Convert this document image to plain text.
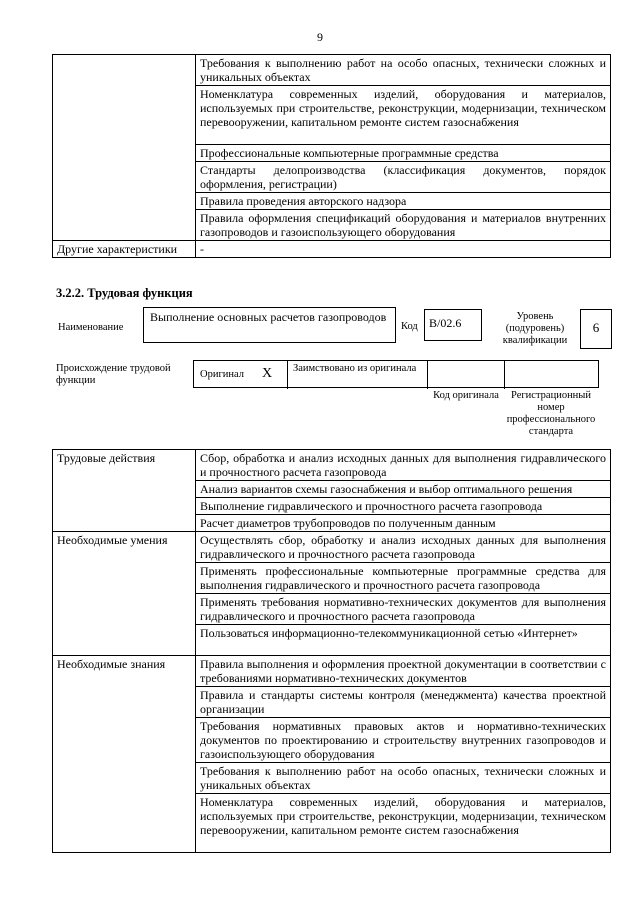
9
	Требования к выполнению работ на особо опасных, технически сложных и уникальных объектах
	Номенклатура современных изделий, оборудования и материалов, используемых при строительстве, реконструкции, модернизации, техническом перевооружении, капитальном ремонте систем газоснабжения
	Профессиональные компьютерные программные средства
	Стандарты делопроизводства (классификация документов, порядок оформления, регистрации)
	Правила проведения авторского надзора
	Правила оформления спецификаций оборудования и материалов внутренних газопроводов и газоиспользующего оборудования
Другие характеристики	-
3.2.2. Трудовая функция
Наименование
Выполнение основных расчетов газопроводов
Код B/02.6	Уровень (подуровень) квалификации
6
Происхождение трудовой функции
Оригинал X Заимствовано из оригинала
Код оригинала	Регистрационный номер профессионального стандарта
Трудовые действия	Сбор, обработка и анализ исходных данных для выполнения гидравлического и прочностного расчета газопровода
	Анализ вариантов схемы газоснабжения и выбор оптимального решения
	Выполнение гидравлического и прочностного расчета газопровода
	Расчет диаметров трубопроводов по полученным данным
Необходимые умения	Осуществлять сбор, обработку и анализ исходных данных для выполнения гидравлического и прочностного расчета газопровода
	Применять профессиональные компьютерные программные средства для выполнения гидравлического и прочностного расчета газопровода
	Применять требования нормативно-технических документов для выполнения гидравлического и прочностного расчета газопровода
	Пользоваться информационно-телекоммуникационной сетью «Интернет»
Необходимые знания	Правила выполнения и оформления проектной документации в соответствии с требованиями нормативно-технических документов
	Правила и стандарты системы контроля (менеджмента) качества проектной организации
	Требования нормативных правовых актов и нормативно-технических документов по проектированию и строительству внутренних газопроводов и газоиспользующего оборудования
	Требования к выполнению работ на особо опасных, технически сложных и уникальных объектах
	Номенклатура современных изделий, оборудования и материалов, используемых при строительстве, реконструкции, модернизации, техническом перевооружении, капитальном ремонте систем газоснабжения
